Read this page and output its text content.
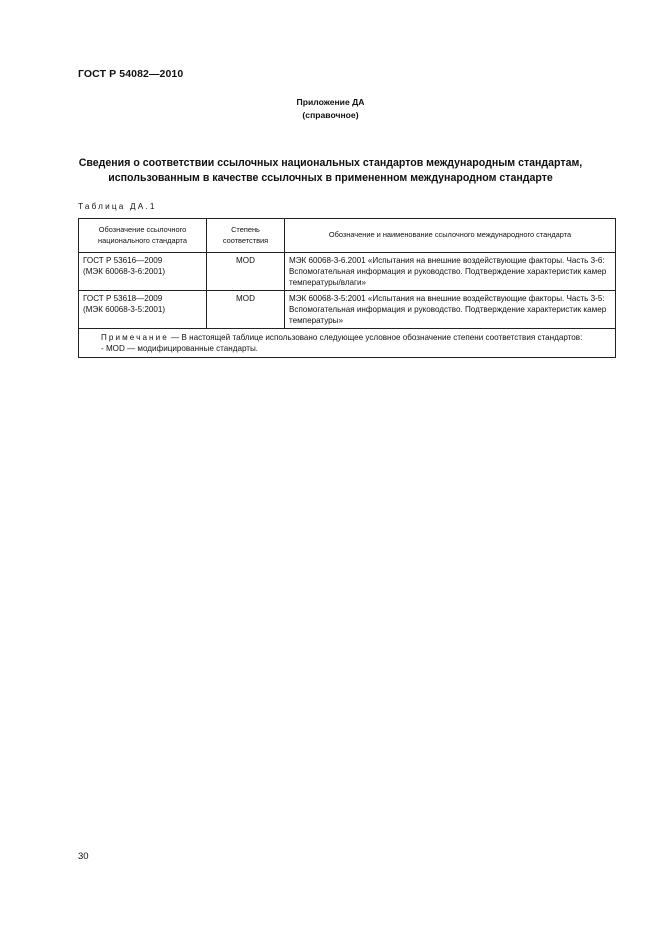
ГОСТ Р 54082—2010
Приложение ДА
(справочное)
Сведения о соответствии ссылочных национальных стандартов международным стандартам,
использованным в качестве ссылочных в примененном международном стандарте
Таблица ДА.1
Обозначение ссылочного национального стандарта	Степень соответствия	Обозначение и наименование ссылочного международного стандарта

ГОСТ Р 53616—2009
(МЭК 60068-3-6:2001)	MOD	МЭК 60068-3-6.2001 «Испытания на внешние воздействующие факторы. Часть 3-6: Вспомогательная информация и руководство. Подтверждение характеристик камер температуры/влаги»

ГОСТ Р 53618—2009
(МЭК 60068-3-5:2001)	MOD	МЭК 60068-3-5:2001 «Испытания на внешние воздействующие факторы. Часть 3-5: Вспомогательная информация и руководство. Подтверждение характеристик камер температуры»

Примечание — В настоящей таблице использовано следующее условное обозначение степени соответствия стандартов:
- MOD — модифицированные стандарты.		
30
